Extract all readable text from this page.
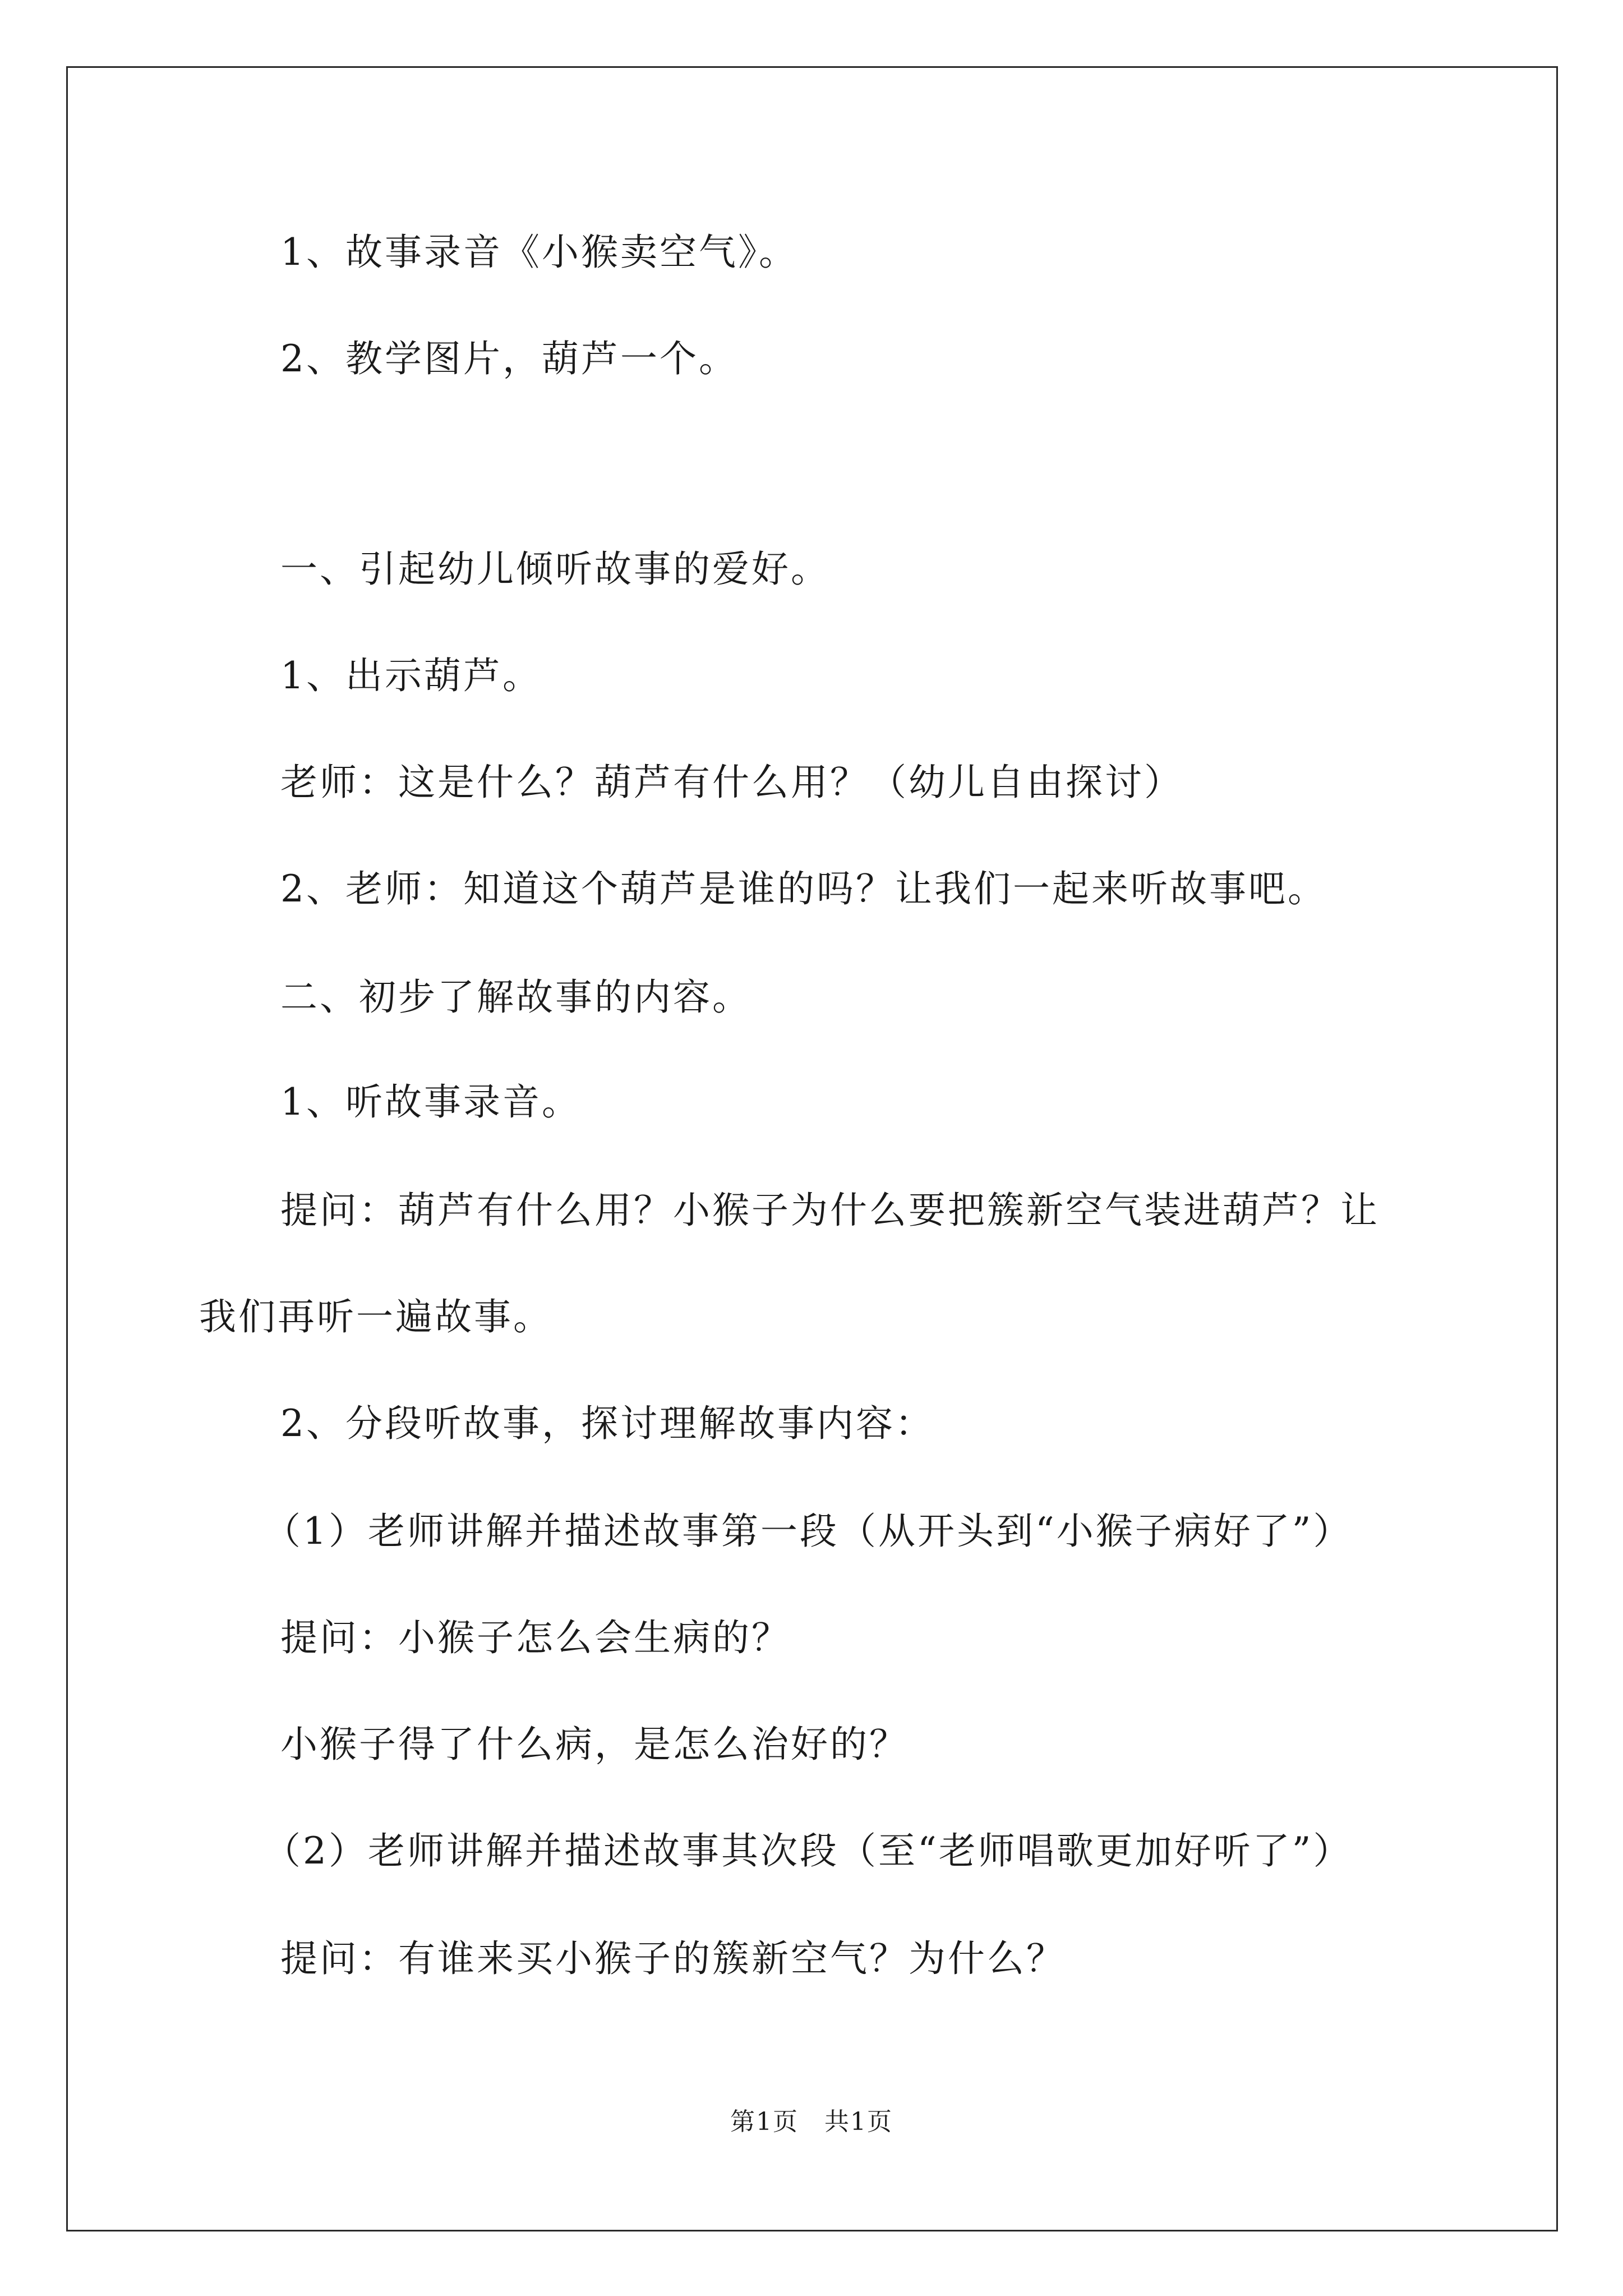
1、故事录音《小猴卖空气》。
2、教学图片，葫芦一个。
一、引起幼儿倾听故事的爱好。
1、出示葫芦。
老师：这是什么？葫芦有什么用？（幼儿自由探讨）
2、老师：知道这个葫芦是谁的吗？让我们一起来听故事吧。
二、初步了解故事的内容。
1、听故事录音。
提问：葫芦有什么用？小猴子为什么要把簇新空气装进葫芦？让
我们再听一遍故事。
2、分段听故事，探讨理解故事内容：
（1）老师讲解并描述故事第一段（从开头到“小猴子病好了”）
提问：小猴子怎么会生病的？
小猴子得了什么病，是怎么治好的？
（2）老师讲解并描述故事其次段（至“老师唱歌更加好听了”）
提问：有谁来买小猴子的簇新空气？为什么？
第1页　共1页
